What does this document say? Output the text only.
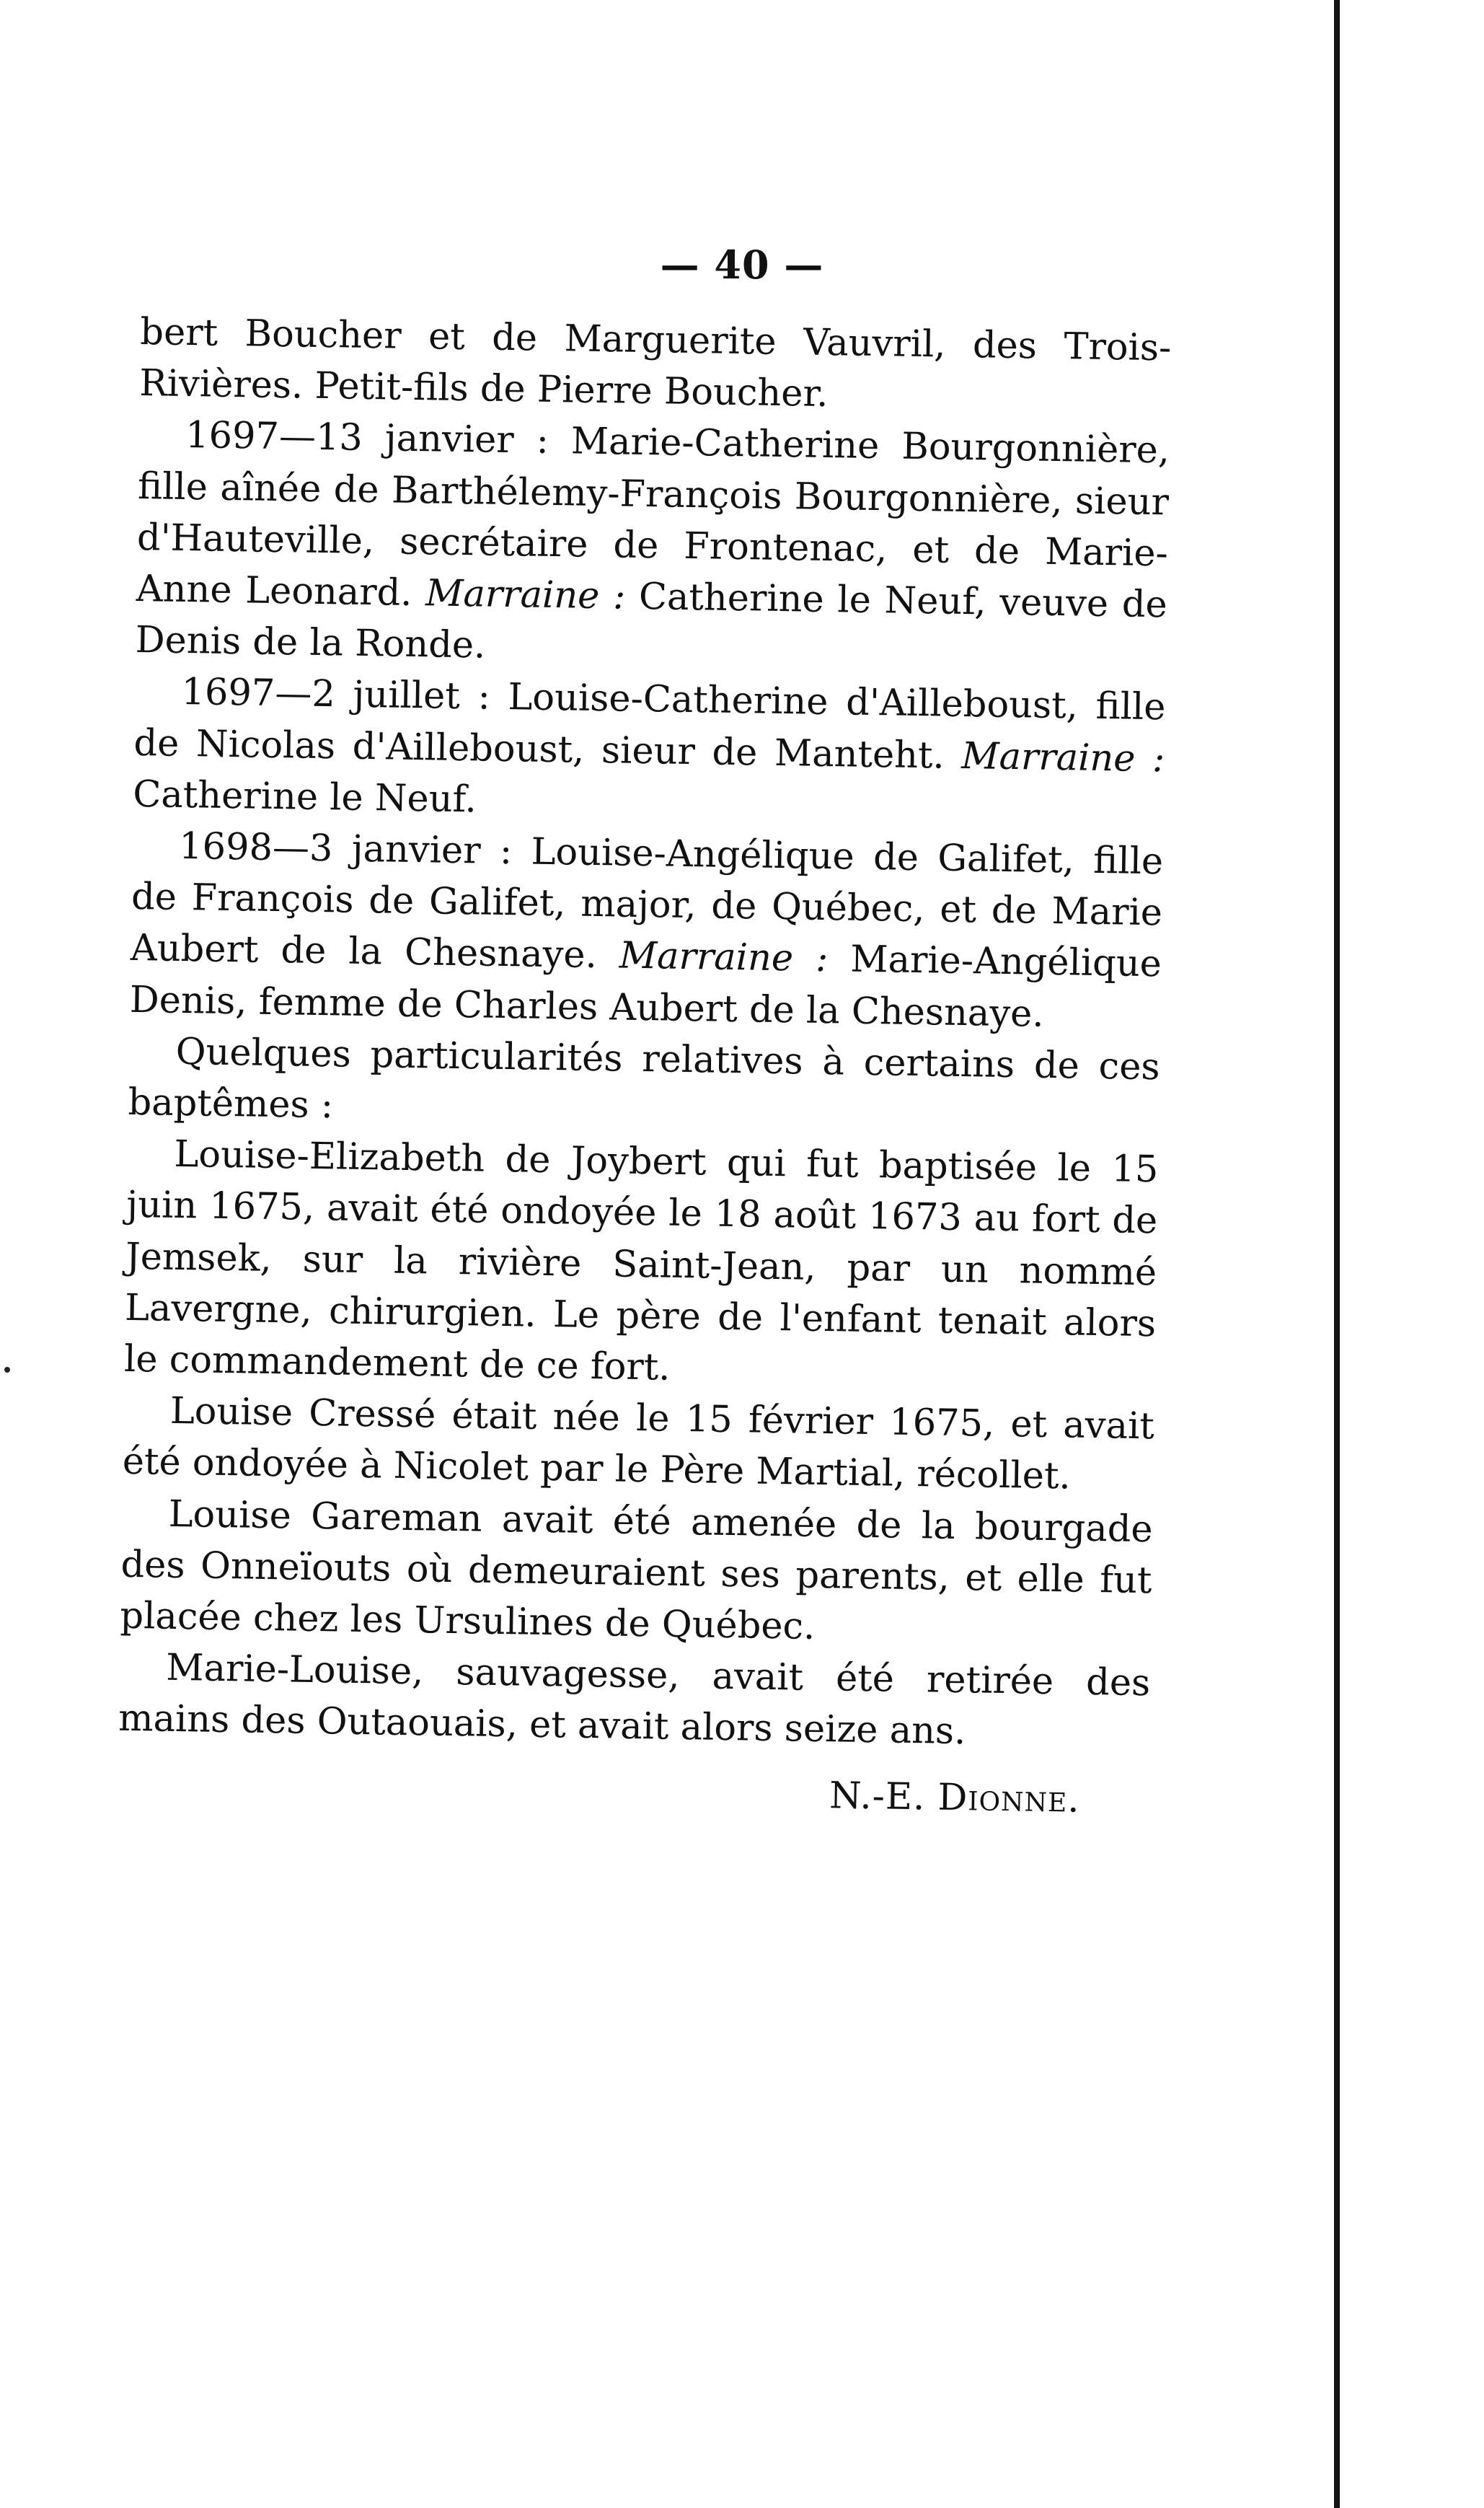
— 40 —

bert Boucher et de Marguerite Vauvril, des Trois-Rivières. Petit-fils de Pierre Boucher.

1697—13 janvier : Marie-Catherine Bourgonnière, fille aînée de Barthélemy-François Bourgonnière, sieur d'Hauteville, secrétaire de Frontenac, et de Marie-Anne Leonard. Marraine : Catherine le Neuf, veuve de Denis de la Ronde.

1697—2 juillet : Louise-Catherine d'Ailleboust, fille de Nicolas d'Ailleboust, sieur de Manteht. Marraine : Catherine le Neuf.

1698—3 janvier : Louise-Angélique de Galifet, fille de François de Galifet, major, de Québec, et de Marie Aubert de la Chesnaye. Marraine : Marie-Angélique Denis, femme de Charles Aubert de la Chesnaye.

Quelques particularités relatives à certains de ces baptêmes :

Louise-Elizabeth de Joybert qui fut baptisée le 15 juin 1675, avait été ondoyée le 18 août 1673 au fort de Jemsek, sur la rivière Saint-Jean, par un nommé Lavergne, chirurgien. Le père de l'enfant tenait alors le commandement de ce fort.

Louise Cressé était née le 15 février 1675, et avait été ondoyée à Nicolet par le Père Martial, récollet.

Louise Gareman avait été amenée de la bourgade des Onneïouts où demeuraient ses parents, et elle fut placée chez les Ursulines de Québec.

Marie-Louise, sauvagesse, avait été retirée des mains des Outaouais, et avait alors seize ans.

N.-E. Dionne.
